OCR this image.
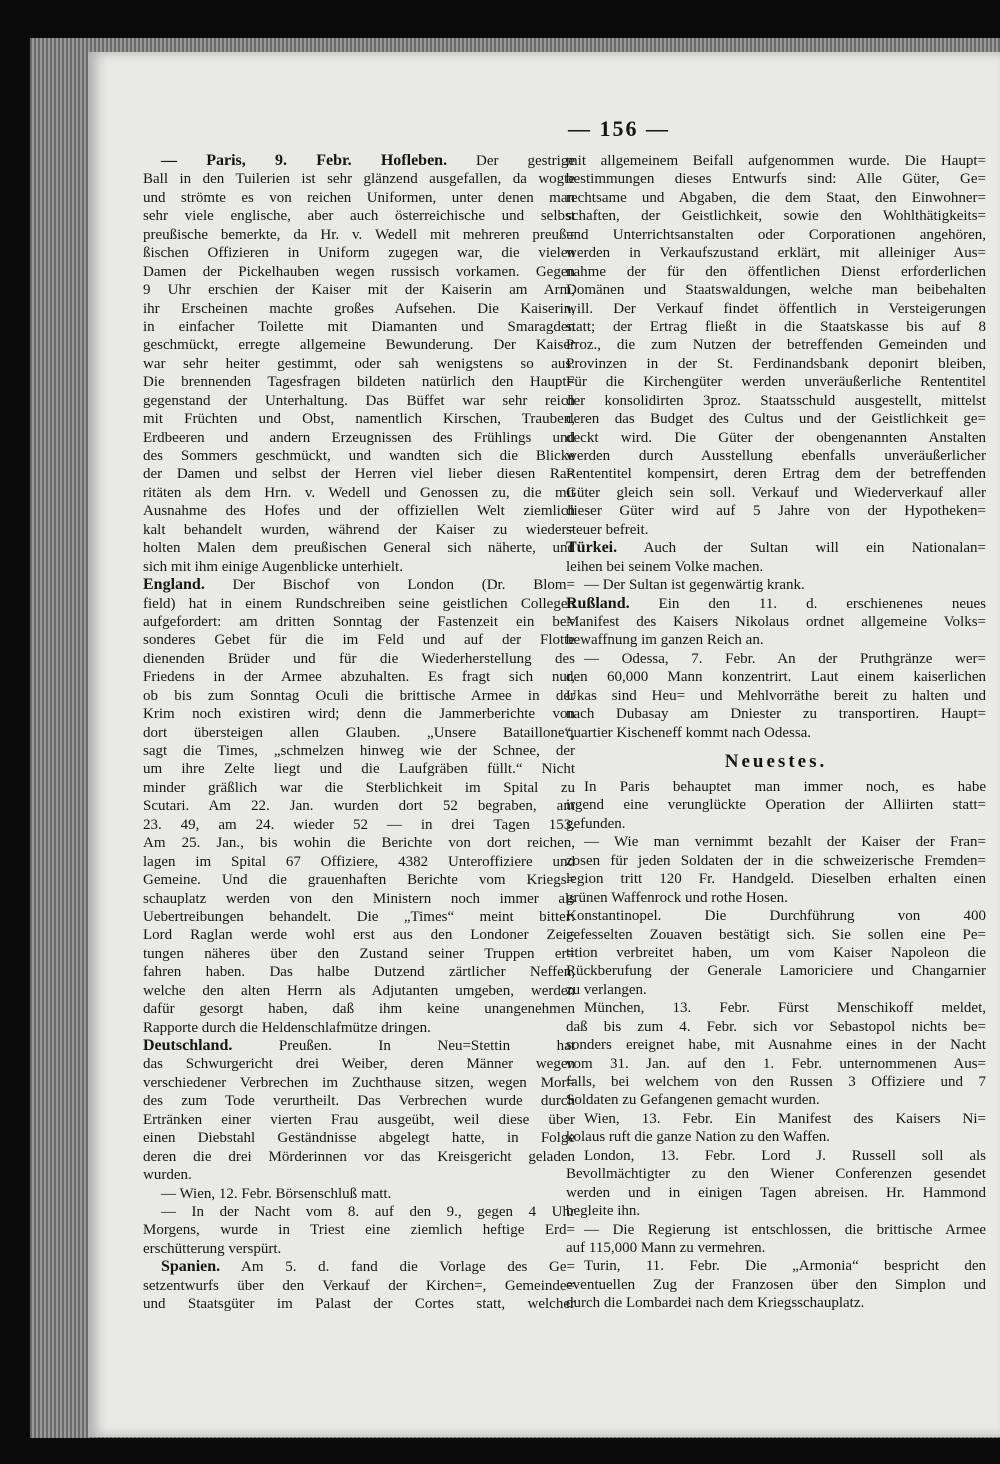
— 156 —
— Paris, 9. Febr. Hofleben. Der gestrige
Ball in den Tuilerien ist sehr glänzend ausgefallen, da wogte
und strömte es von reichen Uniformen, unter denen man
sehr viele englische, aber auch österreichische und selbst
preußische bemerkte, da Hr. v. Wedell mit mehreren preuß=
ßischen Offizieren in Uniform zugegen war, die vielen
Damen der Pickelhauben wegen russisch vorkamen. Gegen
9 Uhr erschien der Kaiser mit der Kaiserin am Arm,
ihr Erscheinen machte großes Aufsehen. Die Kaiserin,
in einfacher Toilette mit Diamanten und Smaragden
geschmückt, erregte allgemeine Bewunderung. Der Kaiser
war sehr heiter gestimmt, oder sah wenigstens so aus.
Die brennenden Tagesfragen bildeten natürlich den Haupt=
gegenstand der Unterhaltung. Das Büffet war sehr reich
mit Früchten und Obst, namentlich Kirschen, Trauben,
Erdbeeren und andern Erzeugnissen des Frühlings und
des Sommers geschmückt, und wandten sich die Blicke
der Damen und selbst der Herren viel lieber diesen Ra=
ritäten als dem Hrn. v. Wedell und Genossen zu, die mit
Ausnahme des Hofes und der offiziellen Welt ziemlich
kalt behandelt wurden, während der Kaiser zu wieder=
holten Malen dem preußischen General sich näherte, und
sich mit ihm einige Augenblicke unterhielt.
England. Der Bischof von London (Dr. Blom=
field) hat in einem Rundschreiben seine geistlichen Collegen
aufgefordert: am dritten Sonntag der Fastenzeit ein be=
sonderes Gebet für die im Feld und auf der Flotte
dienenden Brüder und für die Wiederherstellung des
Friedens in der Armee abzuhalten. Es fragt sich nur,
ob bis zum Sonntag Oculi die brittische Armee in der
Krim noch existiren wird; denn die Jammerberichte von
dort übersteigen allen Glauben. „Unsere Bataillone“,
sagt die Times, „schmelzen hinweg wie der Schnee, der
um ihre Zelte liegt und die Laufgräben füllt.“ Nicht
minder gräßlich war die Sterblichkeit im Spital zu
Scutari. Am 22. Jan. wurden dort 52 begraben, am
23. 49, am 24. wieder 52 — in drei Tagen 153.
Am 25. Jan., bis wohin die Berichte von dort reichen,
lagen im Spital 67 Offiziere, 4382 Unteroffiziere und
Gemeine. Und die grauenhaften Berichte vom Kriegs=
schauplatz werden von den Ministern noch immer als
Uebertreibungen behandelt. Die „Times“ meint bitter:
Lord Raglan werde wohl erst aus den Londoner Zei=
tungen näheres über den Zustand seiner Truppen er=
fahren haben. Das halbe Dutzend zärtlicher Neffen,
welche den alten Herrn als Adjutanten umgeben, werden
dafür gesorgt haben, daß ihm keine unangenehmen
Rapporte durch die Heldenschlafmütze dringen.
Deutschland. Preußen. In Neu=Stettin hat
das Schwurgericht drei Weiber, deren Männer wegen
verschiedener Verbrechen im Zuchthause sitzen, wegen Mor=
des zum Tode verurtheilt. Das Verbrechen wurde durch
Ertränken einer vierten Frau ausgeübt, weil diese über
einen Diebstahl Geständnisse abgelegt hatte, in Folge
deren die drei Mörderinnen vor das Kreisgericht geladen
wurden.
— Wien, 12. Febr. Börsenschluß matt.
— In der Nacht vom 8. auf den 9., gegen 4 Uhr
Morgens, wurde in Triest eine ziemlich heftige Erd=
erschütterung verspürt.
Spanien. Am 5. d. fand die Vorlage des Ge=
setzentwurfs über den Verkauf der Kirchen=, Gemeinde=
und Staatsgüter im Palast der Cortes statt, welcher
mit allgemeinem Beifall aufgenommen wurde. Die Haupt=
bestimmungen dieses Entwurfs sind: Alle Güter, Ge=
rechtsame und Abgaben, die dem Staat, den Einwohner=
schaften, der Geistlichkeit, sowie den Wohlthätigkeits=
und Unterrichtsanstalten oder Corporationen angehören,
werden in Verkaufszustand erklärt, mit alleiniger Aus=
nahme der für den öffentlichen Dienst erforderlichen
Domänen und Staatswaldungen, welche man beibehalten
will. Der Verkauf findet öffentlich in Versteigerungen
statt; der Ertrag fließt in die Staatskasse bis auf 8
Proz., die zum Nutzen der betreffenden Gemeinden und
Provinzen in der St. Ferdinandsbank deponirt bleiben,
Für die Kirchengüter werden unveräußerliche Rententitel
der konsolidirten 3proz. Staatsschuld ausgestellt, mittelst
deren das Budget des Cultus und der Geistlichkeit ge=
deckt wird. Die Güter der obengenannten Anstalten
werden durch Ausstellung ebenfalls unveräußerlicher
Rententitel kompensirt, deren Ertrag dem der betreffenden
Güter gleich sein soll. Verkauf und Wiederverkauf aller
dieser Güter wird auf 5 Jahre von der Hypotheken=
steuer befreit.
Türkei. Auch der Sultan will ein Nationalan=
leihen bei seinem Volke machen.
— Der Sultan ist gegenwärtig krank.
Rußland. Ein den 11. d. erschienenes neues
Manifest des Kaisers Nikolaus ordnet allgemeine Volks=
bewaffnung im ganzen Reich an.
— Odessa, 7. Febr. An der Pruthgränze wer=
den 60,000 Mann konzentrirt. Laut einem kaiserlichen
Ukas sind Heu= und Mehlvorräthe bereit zu halten und
nach Dubasay am Dniester zu transportiren. Haupt=
quartier Kischeneff kommt nach Odessa.
Neuestes.
In Paris behauptet man immer noch, es habe
irgend eine verunglückte Operation der Alliirten statt=
gefunden.
— Wie man vernimmt bezahlt der Kaiser der Fran=
zosen für jeden Soldaten der in die schweizerische Fremden=
legion tritt 120 Fr. Handgeld. Dieselben erhalten einen
grünen Waffenrock und rothe Hosen.
Konstantinopel. Die Durchführung von 400
gefesselten Zouaven bestätigt sich. Sie sollen eine Pe=
tition verbreitet haben, um vom Kaiser Napoleon die
Rückberufung der Generale Lamoriciere und Changarnier
zu verlangen.
München, 13. Febr. Fürst Menschikoff meldet,
daß bis zum 4. Febr. sich vor Sebastopol nichts be=
sonders ereignet habe, mit Ausnahme eines in der Nacht
vom 31. Jan. auf den 1. Febr. unternommenen Aus=
falls, bei welchem von den Russen 3 Offiziere und 7
Soldaten zu Gefangenen gemacht wurden.
Wien, 13. Febr. Ein Manifest des Kaisers Ni=
kolaus ruft die ganze Nation zu den Waffen.
London, 13. Febr. Lord J. Russell soll als
Bevollmächtigter zu den Wiener Conferenzen gesendet
werden und in einigen Tagen abreisen. Hr. Hammond
begleite ihn.
— Die Regierung ist entschlossen, die brittische Armee
auf 115,000 Mann zu vermehren.
Turin, 11. Febr. Die „Armonia“ bespricht den
eventuellen Zug der Franzosen über den Simplon und
durch die Lombardei nach dem Kriegsschauplatz.
